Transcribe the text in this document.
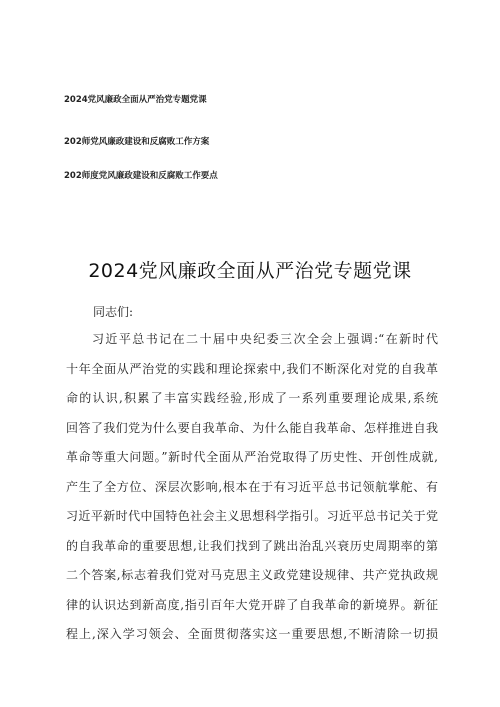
2024党风廉政全面从严治党专题党课
202师党风廉政建设和反腐败工作方案
202师度党风廉政建设和反腐败工作要点
2024党风廉政全面从严治党专题党课
同志们:
习近平总书记在二十届中央纪委三次全会上强调:“在新时代
十年全面从严治党的实践和理论探索中,我们不断深化对党的自我革
命的认识,积累了丰富实践经验,形成了一系列重要理论成果,系统
回答了我们党为什么要自我革命、为什么能自我革命、怎样推进自我
革命等重大问题。”新时代全面从严治党取得了历史性、开创性成就,
产生了全方位、深层次影响,根本在于有习近平总书记领航掌舵、有
习近平新时代中国特色社会主义思想科学指引。习近平总书记关于党
的自我革命的重要思想,让我们找到了跳出治乱兴衰历史周期率的第
二个答案,标志着我们党对马克思主义政党建设规律、共产党执政规
律的认识达到新高度,指引百年大党开辟了自我革命的新境界。新征
程上,深入学习领会、全面贯彻落实这一重要思想,不断清除一切损
